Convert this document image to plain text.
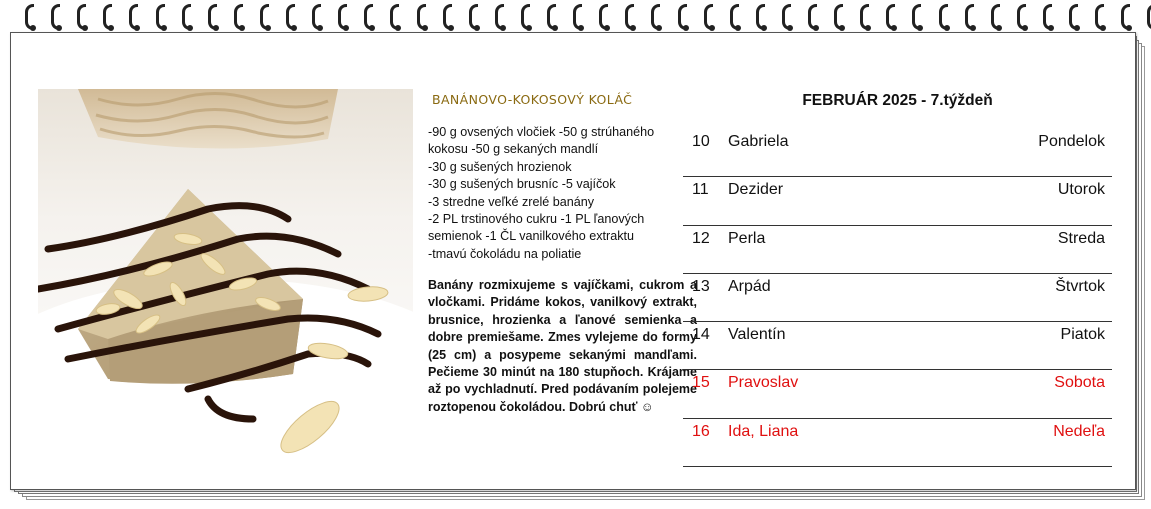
BANÁNOVO-KOKOSOVÝ KOLÁČ
-90 g ovsených vločiek -50 g strúhaného
kokosu -50 g sekaných mandlí
-30 g sušených hrozienok
-30 g sušených brusníc -5 vajíčok
-3 stredne veľké zrelé banány
-2 PL trstinového cukru -1 PL ľanových
semienok -1 ČL vanilkového extraktu
-tmavú čokoládu na poliatie
Banány rozmixujeme s vajíčkami, cukrom a vločkami. Pridáme kokos, vanilkový extrakt, brusnice, hrozienka a ľanové semienka a dobre premiešame. Zmes vylejeme do formy (25 cm) a posypeme sekanými mandľami. Pečieme 30 minút na 180 stupňoch. Krájame až po vychladnutí. Pred podávaním polejeme roztopenou čokoládou. Dobrú chuť ☺
FEBRUÁR 2025 - 7.týždeň
10 Gabriela	Pondelok
11 Dezider	Utorok
12 Perla	Streda
13 Arpád	Štvrtok
14 Valentín	Piatok
15 Pravoslav	Sobota
16 Ida, Liana	Nedeľa
